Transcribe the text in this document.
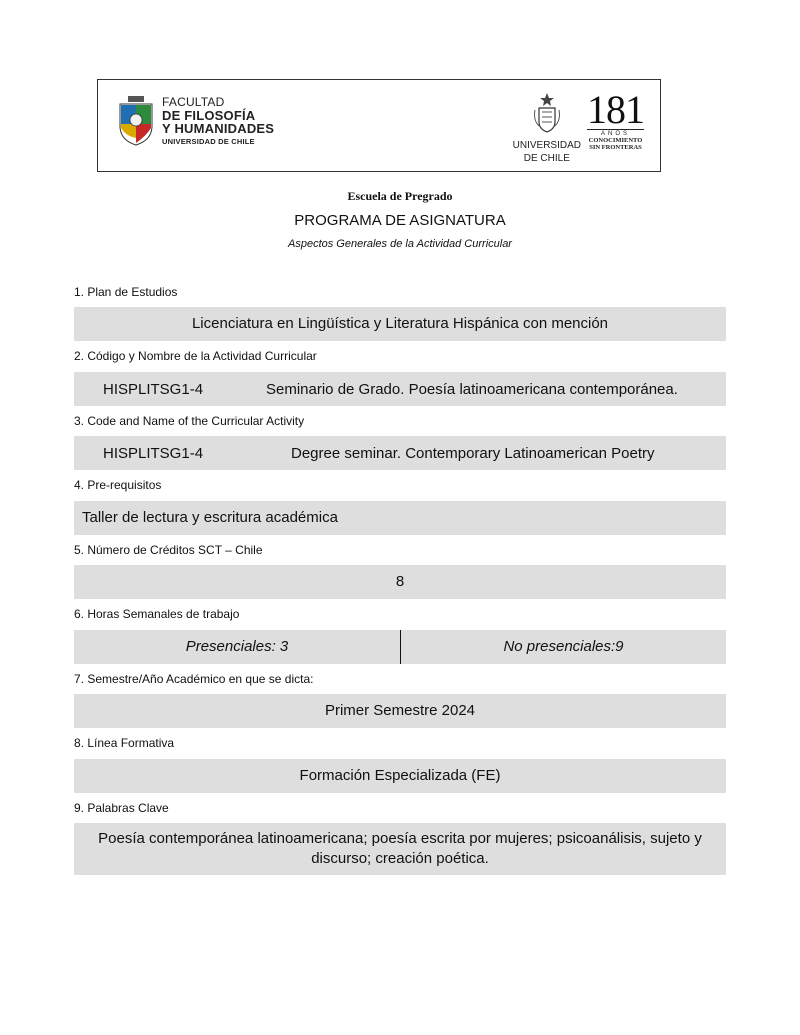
FACULTAD
DE FILOSOFÍA
Y HUMANIDADES
UNIVERSIDAD DE CHILE	UNIVERSIDAD
DE CHILE
181
AÑOS
CONOCIMIENTO
SIN FRONTERAS
Escuela de Pregrado
PROGRAMA DE ASIGNATURA
Aspectos Generales de la Actividad Curricular
1. Plan de Estudios
Licenciatura en Lingüística y Literatura Hispánica con mención
2. Código y Nombre de la Actividad Curricular
HISPLITSG1-4	Seminario de Grado. Poesía latinoamericana contemporánea.
3. Code and Name of the Curricular Activity
HISPLITSG1-4	Degree seminar. Contemporary Latinoamerican Poetry
4. Pre-requisitos
Taller de lectura y escritura académica
5. Número de Créditos SCT – Chile
8
6. Horas Semanales de trabajo
Presenciales: 3	No presenciales:9
7. Semestre/Año Académico en que se dicta:
Primer Semestre 2024
8. Línea Formativa
Formación Especializada (FE)
9. Palabras Clave
Poesía contemporánea latinoamericana; poesía escrita por mujeres; psicoanálisis, sujeto y discurso; creación poética.
